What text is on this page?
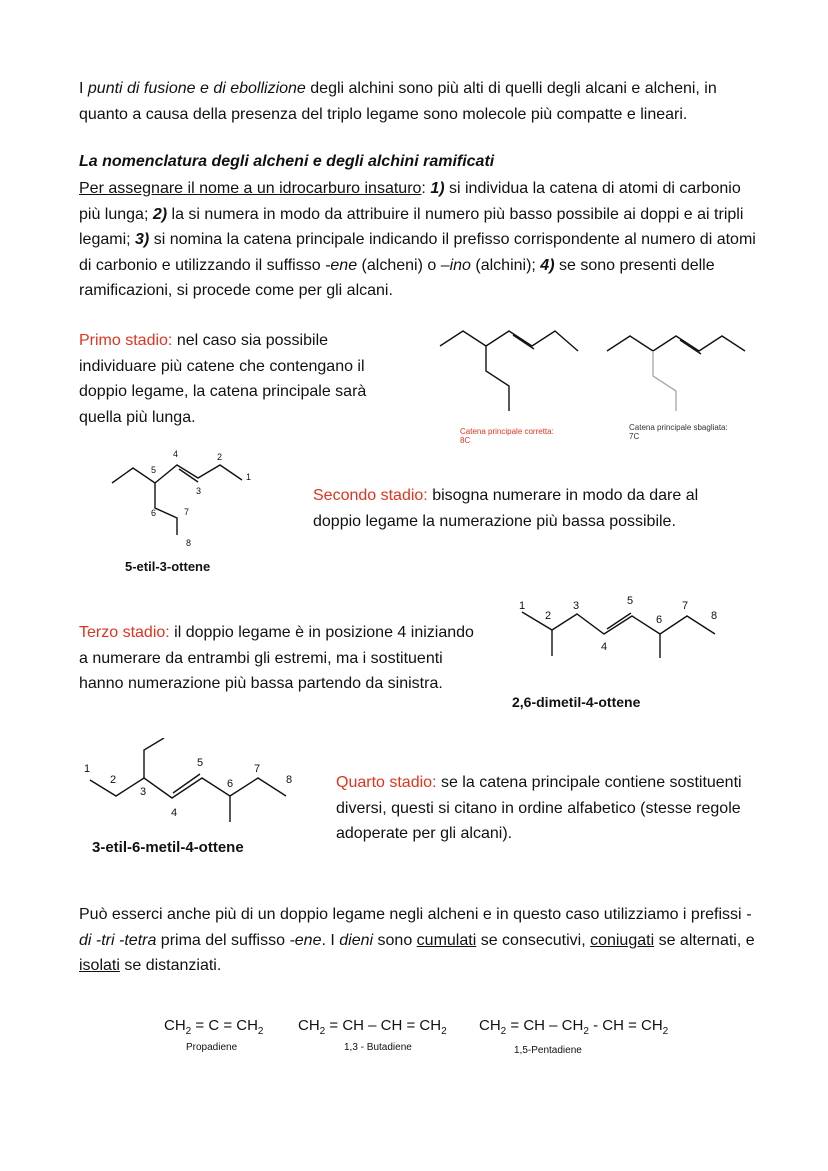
I punti di fusione e di ebollizione degli alchini sono più alti di quelli degli alcani e alcheni, in quanto a causa della presenza del triplo legame sono molecole più compatte e lineari.

La nomenclatura degli alcheni e degli alchini ramificati

Per assegnare il nome a un idrocarburo insaturo: 1) si individua la catena di atomi di carbonio più lunga; 2) la si numera in modo da attribuire il numero più basso possibile ai doppi e ai tripli legami; 3) si nomina la catena principale indicando il prefisso corrispondente al numero di atomi di carbonio e utilizzando il suffisso -ene (alcheni) o –ino (alchini); 4) se sono presenti delle ramificazioni, si procede come per gli alcani.

Primo stadio: nel caso sia possibile individuare più catene che contengano il doppio legame, la catena principale sarà quella più lunga.

Catena principale corretta:
8C
Catena principale sbagliata:
7C
1
2
3
4
5
6	7
8

5-etil-3-ottene

Secondo stadio: bisogna numerare in modo da dare al doppio legame la numerazione più bassa possibile.

Terzo stadio: il doppio legame è in posizione 4 iniziando a numerare da entrambi gli estremi, ma i sostituenti hanno numerazione più bassa partendo da sinistra.

1
2
3
4
5
6
7
8

2,6-dimetil-4-ottene

1
2
3
4
5
6
7
8

3-etil-6-metil-4-ottene

Quarto stadio: se la catena principale contiene sostituenti diversi, questi si citano in ordine alfabetico (stesse regole adoperate per gli alcani).

Può esserci anche più di un doppio legame negli alcheni e in questo caso utilizziamo i prefissi -di -tri -tetra prima del suffisso -ene. I dieni sono cumulati se consecutivi, coniugati se alternati, e isolati se distanziati.

$CH_2 = C = CH_2$
Propadiene
$CH_2$ = CH – CH = $CH_2$
1,3 - Butadiene
$CH_2$ = CH – $CH_2$ - CH = $CH_2$
1,5-Pentadiene
